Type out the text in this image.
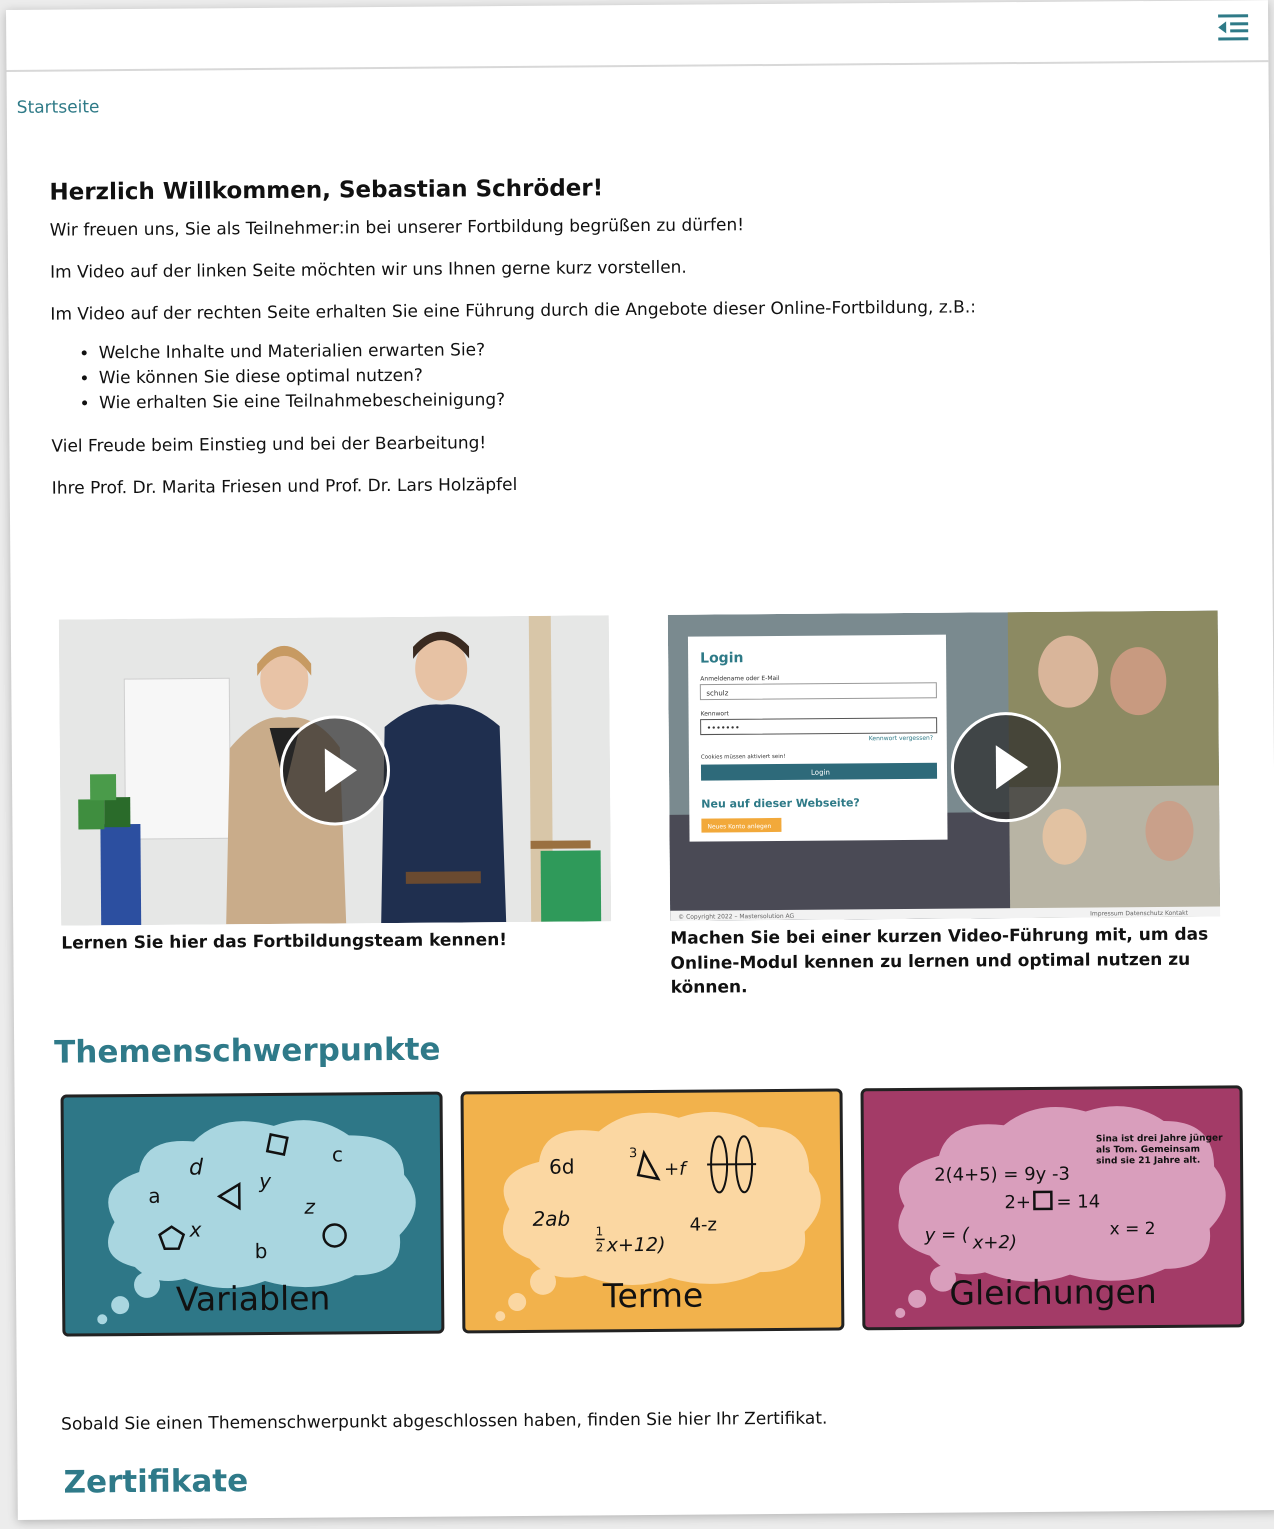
Startseite
Herzlich Willkommen, Sebastian Schröder!

Wir freuen uns, Sie als Teilnehmer:in bei unserer Fortbildung begrüßen zu dürfen!

Im Video auf der linken Seite möchten wir uns Ihnen gerne kurz vorstellen.

Im Video auf der rechten Seite erhalten Sie eine Führung durch die Angebote dieser Online-Fortbildung, z.B.:

• Welche Inhalte und Materialien erwarten Sie?
• Wie können Sie diese optimal nutzen?
• Wie erhalten Sie eine Teilnahmebescheinigung?

Viel Freude beim Einstieg und bei der Bearbeitung!

Ihre Prof. Dr. Marita Friesen und Prof. Dr. Lars Holzäpfel

Lernen Sie hier das Fortbildungsteam kennen!
© Copyright 2022 – Mastersolution AG	Impressum Datenschutz Kontakt
Login
Anmeldename oder E-Mail
schulz
Kennwort
•••••••
Kennwort vergessen?
Cookies müssen aktiviert sein!
Login
Neu auf dieser Webseite?
Neues Konto anlegen
Machen Sie bei einer kurzen Video-Führung mit, um das Online-Modul kennen zu lernen und optimal nutzen zu können.
Themenschwerpunkte
d
c
a
y
z
x
b
Variablen
6d
3
+f
2ab	4-z
1
2 x+12)
Terme
2(4+5) = 9y -3
Sina ist drei Jahre jünger
als Tom. Gemeinsam
sind sie 21 Jahre alt.
2+ = 14
y = ( x+2)
x = 2
Gleichungen

Sobald Sie einen Themenschwerpunkt abgeschlossen haben, finden Sie hier Ihr Zertifikat.

Zertifikate
